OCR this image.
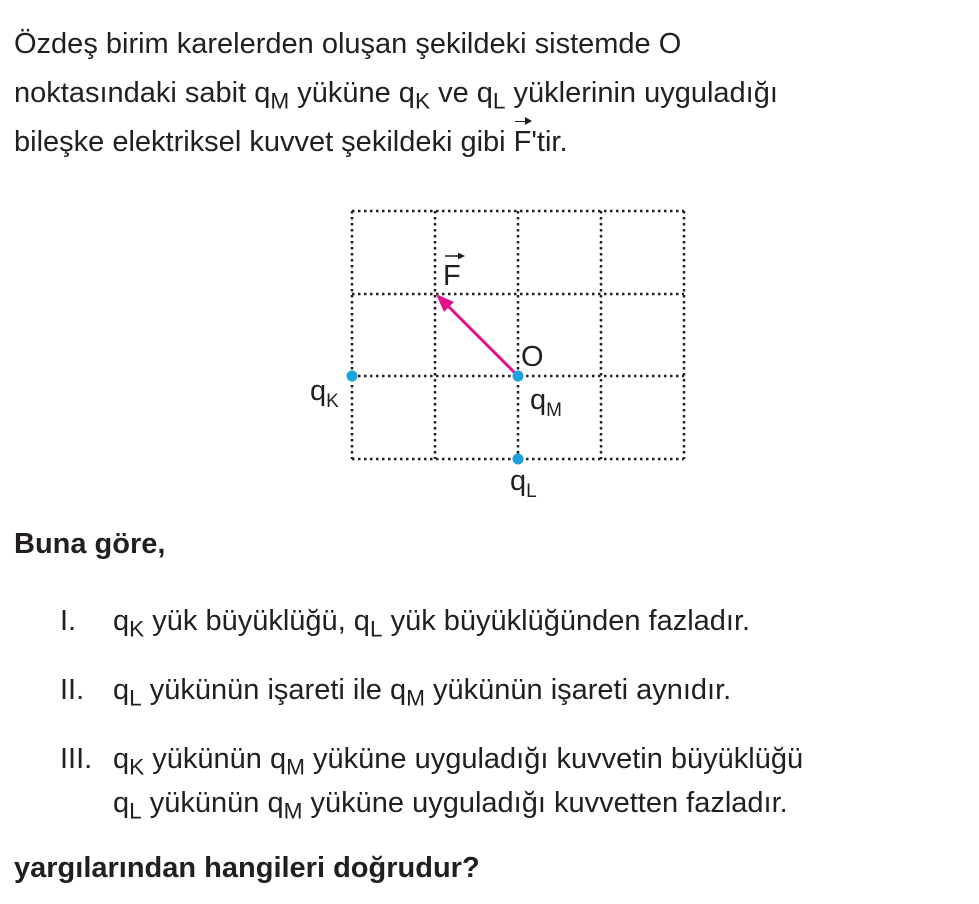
Özdeş birim karelerden oluşan şekildeki sistemde O

noktasındaki sabit $q_M$ yüküne $q_K$ ve $q_L$ yüklerinin uyguladığı

bileşke elektriksel kuvvet şekildeki gibi F'tir.

F
O
$q_K$	$q_M$
$q_L$

Buna göre,

I. $q_K$ yük büyüklüğü, $q_L$ yük büyüklüğünden fazladır.
II. $q_L$ yükünün işareti ile $q_M$ yükünün işareti aynıdır.
III. $q_K$ yükünün $q_M$ yüküne uyguladığı kuvvetin büyüklüğü
$q_L$ yükünün $q_M$ yüküne uyguladığı kuvvetten fazladır.

yargılarından hangileri doğrudur?
